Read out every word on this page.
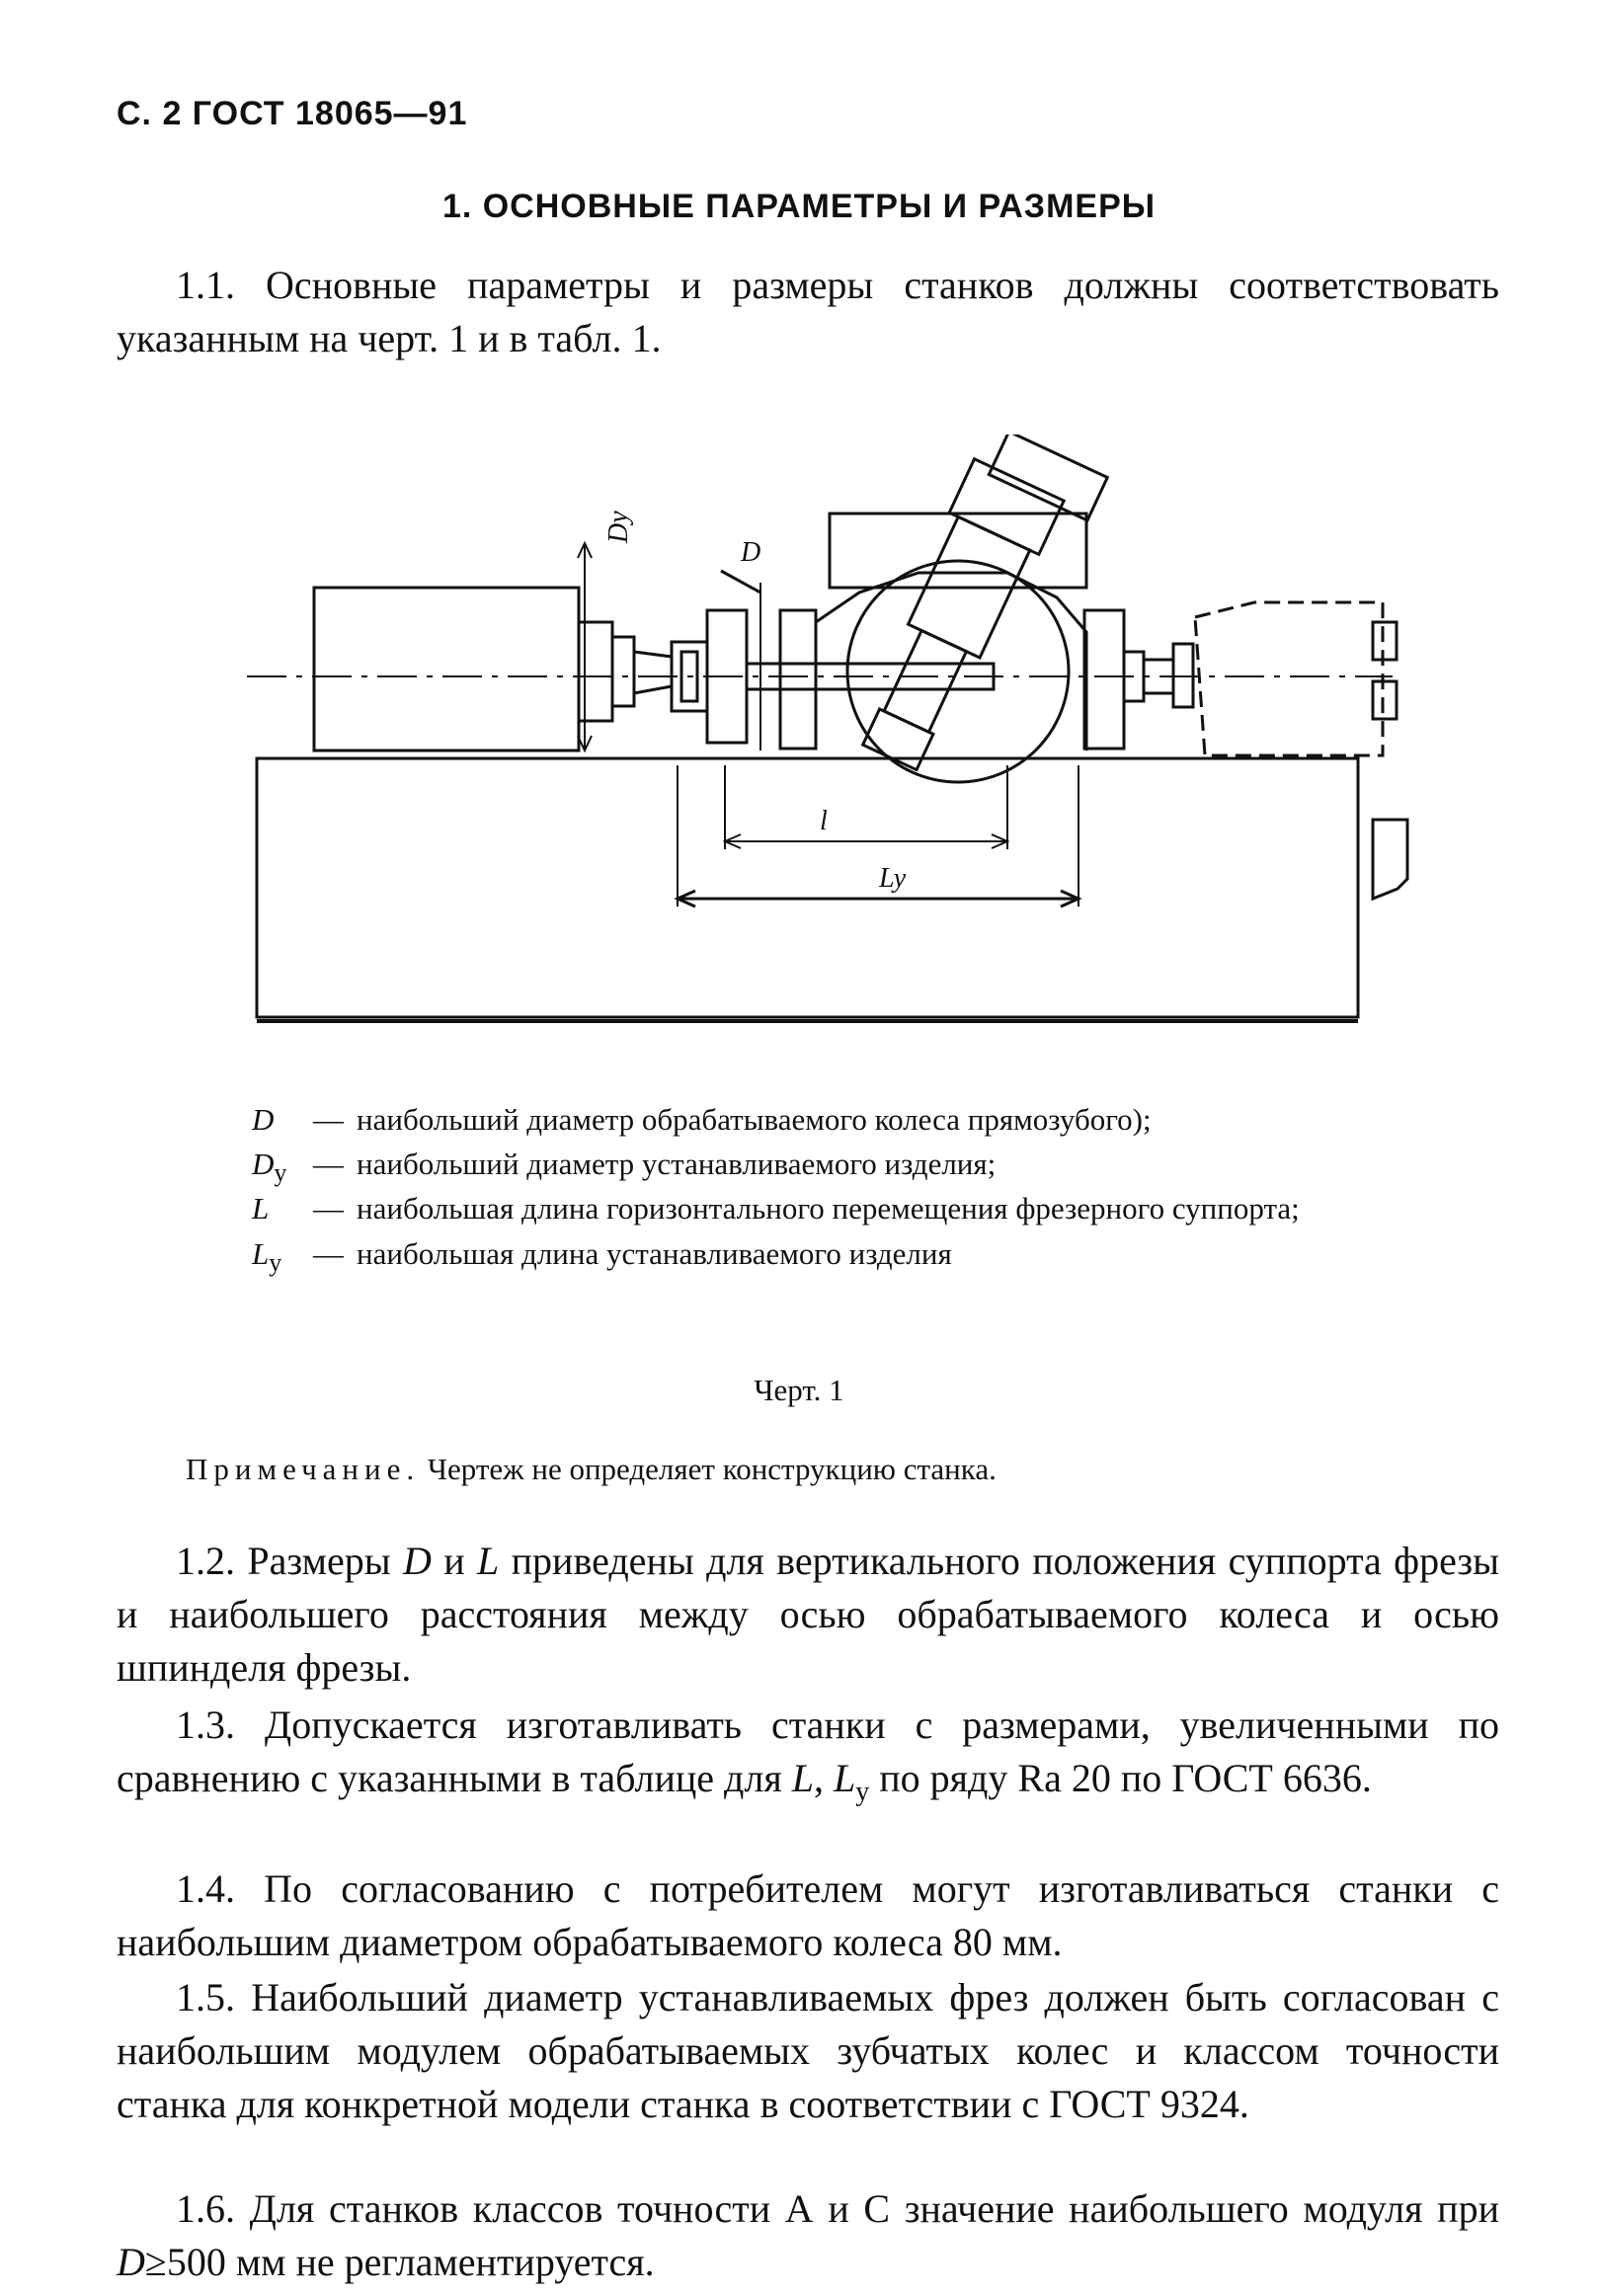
С. 2 ГОСТ 18065—91
1. ОСНОВНЫЕ ПАРАМЕТРЫ И РАЗМЕРЫ
1.1. Основные параметры и размеры станков должны соответствовать указанным на черт. 1 и в табл. 1.
Dy
D
l
Ly
D	— наибольший диаметр обрабатываемого колеса прямозубого);
$D_у$ — наибольший диаметр устанавливаемого изделия;
L	— наибольшая длина горизонтального перемещения фрезерного суппорта;
$L_у$	— наибольшая длина устанавливаемого изделия
Черт. 1
Примечание. Чертеж не определяет конструкцию станка.
1.2. Размеры D и L приведены для вертикального положения суппорта фрезы и наибольшего расстояния между осью обрабатываемого колеса и осью шпинделя фрезы.
1.3. Допускается изготавливать станки с размерами, увеличенными по сравнению с указанными в таблице для L, $L_у$ по ряду Ra 20 по ГОСТ 6636.
1.4. По согласованию с потребителем могут изготавливаться станки с наибольшим диаметром обрабатываемого колеса 80 мм.
1.5. Наибольший диаметр устанавливаемых фрез должен быть согласован с наибольшим модулем обрабатываемых зубчатых колес и классом точности станка для конкретной модели станка в соответствии с ГОСТ 9324.
1.6. Для станков классов точности А и С значение наибольшего модуля при D≥500 мм не регламентируется.
